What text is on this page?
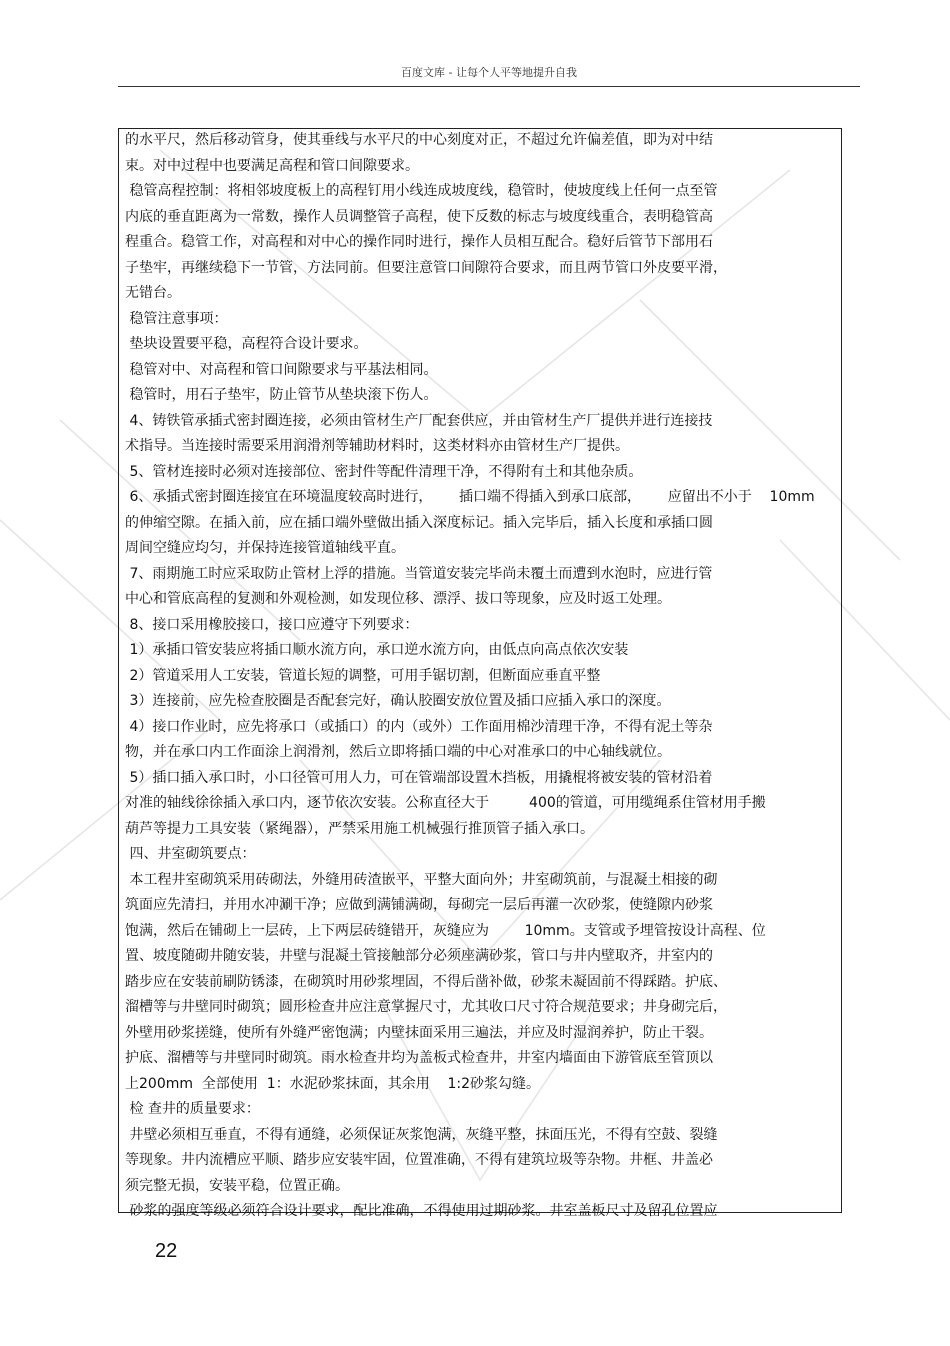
百度文库 - 让每个人平等地提升自我
的水平尺，然后移动管身，使其垂线与水平尺的中心刻度对正，不超过允许偏差值，即为对中结
束。对中过程中也要满足高程和管口间隙要求。
稳管高程控制：将相邻坡度板上的高程钉用小线连成坡度线，稳管时，使坡度线上任何一点至管
内底的垂直距离为一常数，操作人员调整管子高程，使下反数的标志与坡度线重合，表明稳管高
程重合。稳管工作，对高程和对中心的操作同时进行，操作人员相互配合。稳好后管节下部用石
子垫牢，再继续稳下一节管，方法同前。但要注意管口间隙符合要求，而且两节管口外皮要平滑，
无错台。
稳管注意事项：
垫块设置要平稳，高程符合设计要求。
稳管对中、对高程和管口间隙要求与平基法相同。
稳管时，用石子垫牢，防止管节从垫块滚下伤人。
4、铸铁管承插式密封圈连接，必须由管材生产厂配套供应，并由管材生产厂提供并进行连接技
术指导。当连接时需要采用润滑剂等辅助材料时，这类材料亦由管材生产厂提供。
5、管材连接时必须对连接部位、密封件等配件清理干净，不得附有土和其他杂质。
6、承插式密封圈连接宜在环境温度较高时进行，      插口端不得插入到承口底部，      应留出不小于    10mm
的伸缩空隙。在插入前，应在插口端外壁做出插入深度标记。插入完毕后，插入长度和承插口圆
周间空缝应均匀，并保持连接管道轴线平直。
7、雨期施工时应采取防止管材上浮的措施。当管道安装完毕尚未覆土而遭到水泡时，应进行管
中心和管底高程的复测和外观检测，如发现位移、漂浮、拔口等现象，应及时返工处理。
8、接口采用橡胶接口，接口应遵守下列要求：
1）承插口管安装应将插口顺水流方向，承口逆水流方向，由低点向高点依次安装
2）管道采用人工安装，管道长短的调整，可用手锯切割，但断面应垂直平整
3）连接前，应先检查胶圈是否配套完好，确认胶圈安放位置及插口应插入承口的深度。
4）接口作业时，应先将承口（或插口）的内（或外）工作面用棉沙清理干净，不得有泥土等杂
物，并在承口内工作面涂上润滑剂，然后立即将插口端的中心对准承口的中心轴线就位。
5）插口插入承口时，小口径管可用人力，可在管端部设置木挡板，用撬棍将被安装的管材沿着
对准的轴线徐徐插入承口内，逐节依次安装。公称直径大于         400的管道，可用缆绳系住管材用手搬
葫芦等提力工具安装（紧绳器），严禁采用施工机械强行推顶管子插入承口。
四、井室砌筑要点：
本工程井室砌筑采用砖砌法，外缝用砖渣嵌平，平整大面向外；井室砌筑前，与混凝土相接的砌
筑面应先清扫，并用水冲涮干净；应做到满铺满砌，每砌完一层后再灌一次砂浆，使缝隙内砂浆
饱满，然后在铺砌上一层砖，上下两层砖缝错开，灰缝应为        10mm。支管或予埋管按设计高程、位
置、坡度随砌井随安装，井壁与混凝土管接触部分必须座满砂浆，管口与井内壁取齐，井室内的
踏步应在安装前刷防锈漆，在砌筑时用砂浆埋固，不得后凿补做，砂浆未凝固前不得踩踏。护底、
溜槽等与井壁同时砌筑；圆形检查井应注意掌握尺寸，尤其收口尺寸符合规范要求；井身砌完后，
外壁用砂浆搓缝，使所有外缝严密饱满；内壁抹面采用三遍法，并应及时湿润养护，防止干裂。
护底、溜槽等与井壁同时砌筑。雨水检查井均为盖板式检查井，井室内墙面由下游管底至管顶以
上200mm  全部使用  1：水泥砂浆抹面，其余用    1:2砂浆勾缝。
检 查井的质量要求：
井壁必须相互垂直，不得有通缝，必须保证灰浆饱满，灰缝平整，抹面压光，不得有空鼓、裂缝
等现象。井内流槽应平顺、踏步应安装牢固，位置准确，不得有建筑垃圾等杂物。井框、井盖必
须完整无损，安装平稳，位置正确。
砂浆的强度等级必须符合设计要求，配比准确，不得使用过期砂浆。井室盖板尺寸及留孔位置应
22
